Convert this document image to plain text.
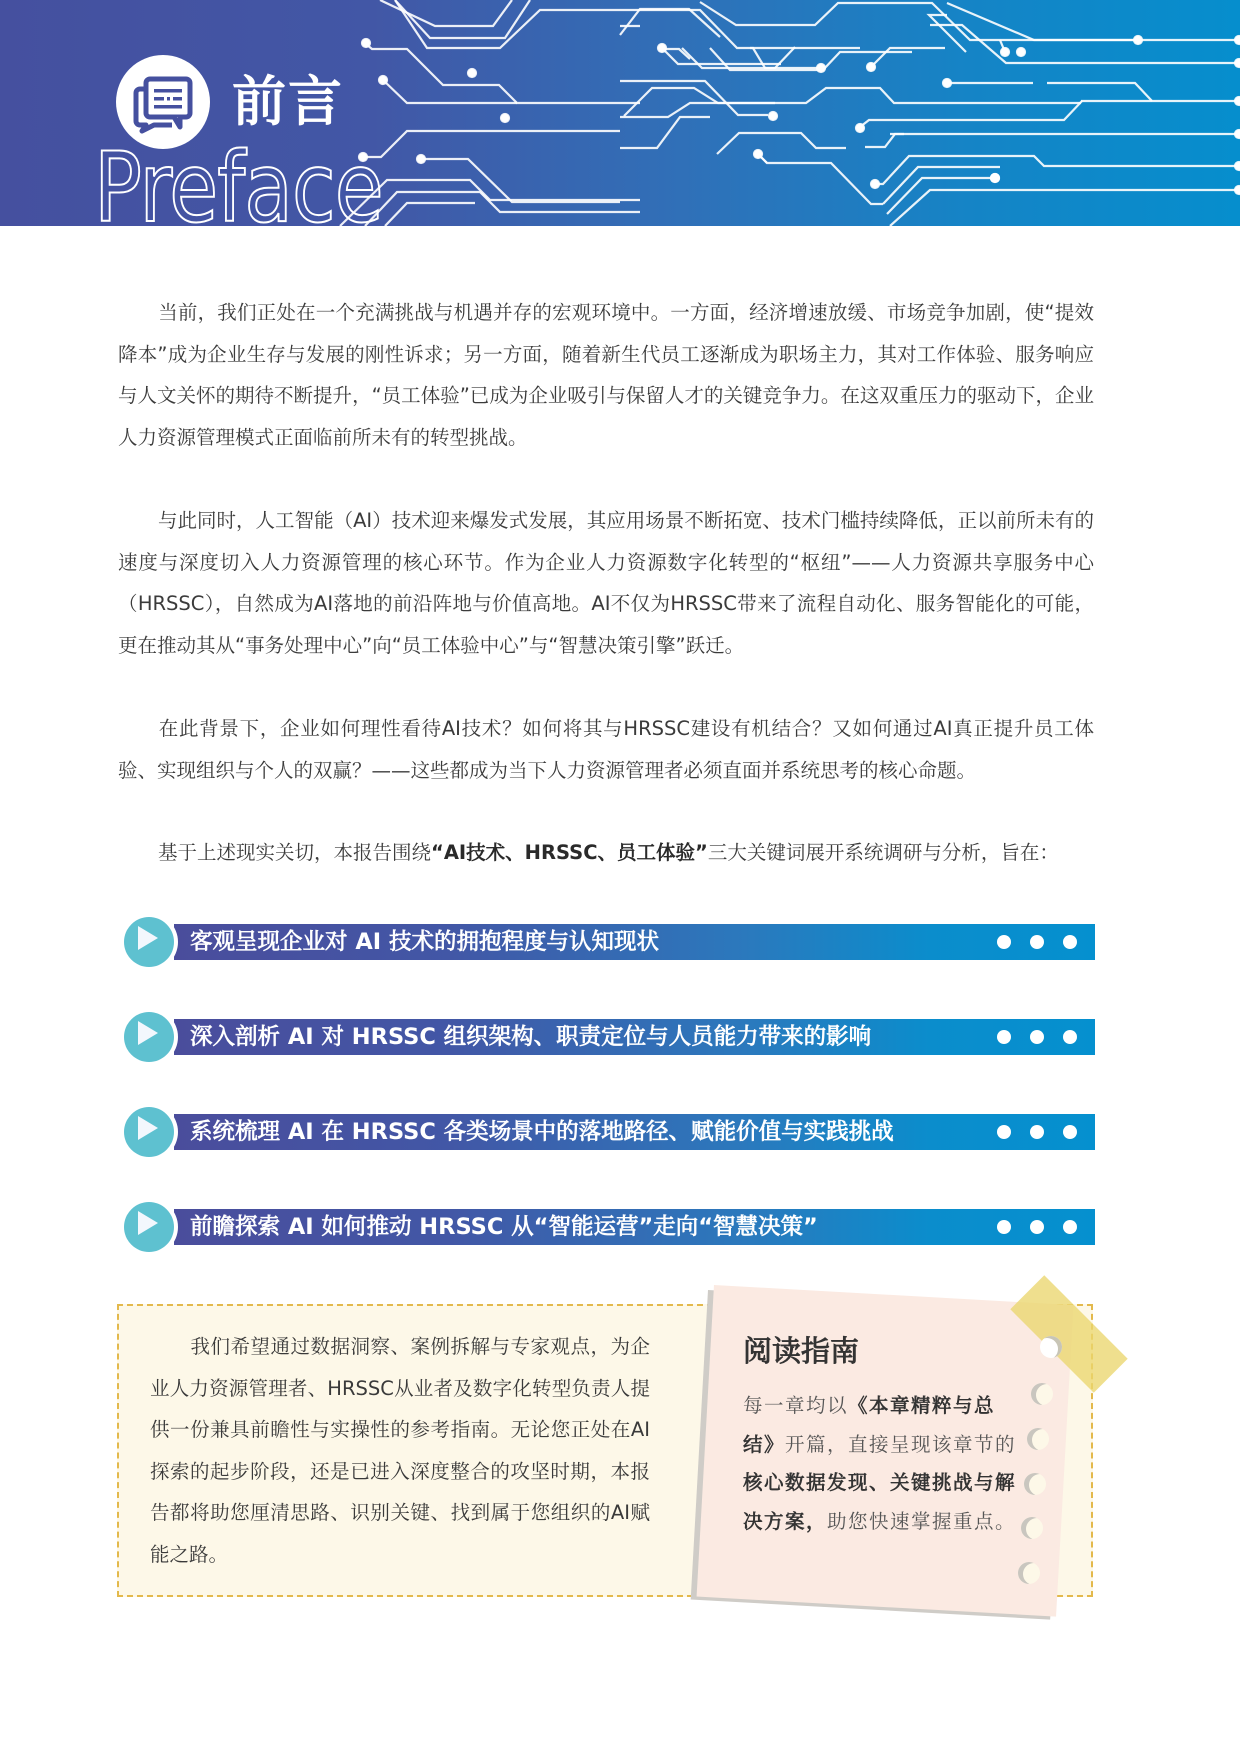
前言
Preface

当前，我们正处在一个充满挑战与机遇并存的宏观环境中。一方面，经济增速放缓、市场竞争加剧，使“提效降本”成为企业生存与发展的刚性诉求；另一方面，随着新生代员工逐渐成为职场主力，其对工作体验、服务响应与人文关怀的期待不断提升，“员工体验”已成为企业吸引与保留人才的关键竞争力。在这双重压力的驱动下，企业人力资源管理模式正面临前所未有的转型挑战。

与此同时，人工智能（AI）技术迎来爆发式发展，其应用场景不断拓宽、技术门槛持续降低，正以前所未有的速度与深度切入人力资源管理的核心环节。作为企业人力资源数字化转型的“枢纽”——人力资源共享服务中心（HRSSC），自然成为AI落地的前沿阵地与价值高地。AI不仅为HRSSC带来了流程自动化、服务智能化的可能，更在推动其从“事务处理中心”向“员工体验中心”与“智慧决策引擎”跃迁。

在此背景下，企业如何理性看待AI技术？如何将其与HRSSC建设有机结合？又如何通过AI真正提升员工体验、实现组织与个人的双赢？——这些都成为当下人力资源管理者必须直面并系统思考的核心命题。

基于上述现实关切，本报告围绕“AI技术、HRSSC、员工体验”三大关键词展开系统调研与分析，旨在：

客观呈现企业对 AI 技术的拥抱程度与认知现状
深入剖析 AI 对 HRSSC 组织架构、职责定位与人员能力带来的影响
系统梳理 AI 在 HRSSC 各类场景中的落地路径、赋能价值与实践挑战
前瞻探索 AI 如何推动 HRSSC 从“智能运营”走向“智慧决策”

我们希望通过数据洞察、案例拆解与专家观点，为企业人力资源管理者、HRSSC从业者及数字化转型负责人提供一份兼具前瞻性与实操性的参考指南。无论您正处在AI探索的起步阶段，还是已进入深度整合的攻坚时期，本报告都将助您厘清思路、识别关键、找到属于您组织的AI赋能之路。

阅读指南

每一章均以《本章精粹与总结》开篇，直接呈现该章节的核心数据发现、关键挑战与解决方案，助您快速掌握重点。
